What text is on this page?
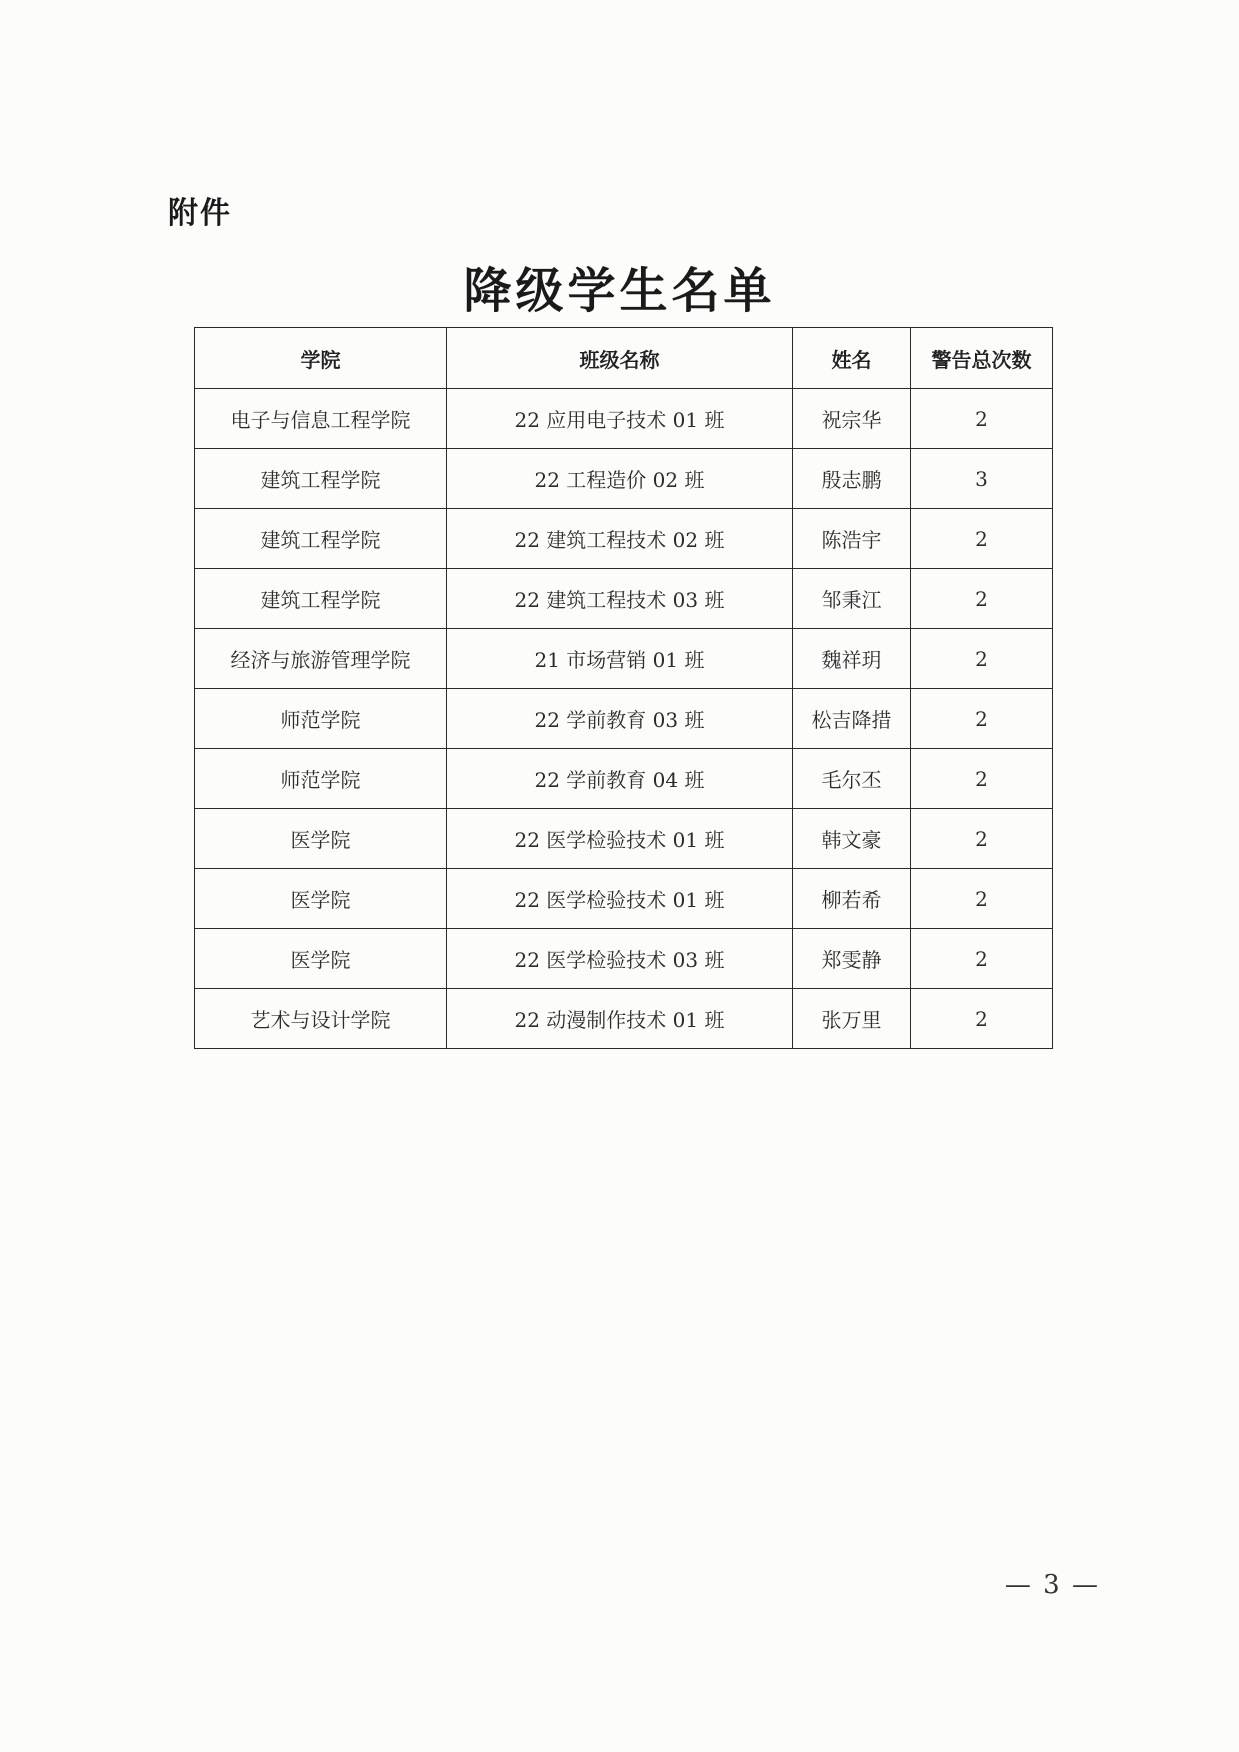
附件
降级学生名单
学院	班级名称	姓名	警告总次数
电子与信息工程学院	22 应用电子技术 01 班	祝宗华	2
建筑工程学院	22 工程造价 02 班	殷志鹏	3
建筑工程学院	22 建筑工程技术 02 班	陈浩宇	2
建筑工程学院	22 建筑工程技术 03 班	邹秉江	2
经济与旅游管理学院	21 市场营销 01 班	魏祥玥	2
师范学院	22 学前教育 03 班	松吉降措	2
师范学院	22 学前教育 04 班	毛尔丕	2
医学院	22 医学检验技术 01 班	韩文豪	2
医学院	22 医学检验技术 01 班	柳若希	2
医学院	22 医学检验技术 03 班	郑雯静	2
艺术与设计学院	22 动漫制作技术 01 班	张万里	2
— 3 —
